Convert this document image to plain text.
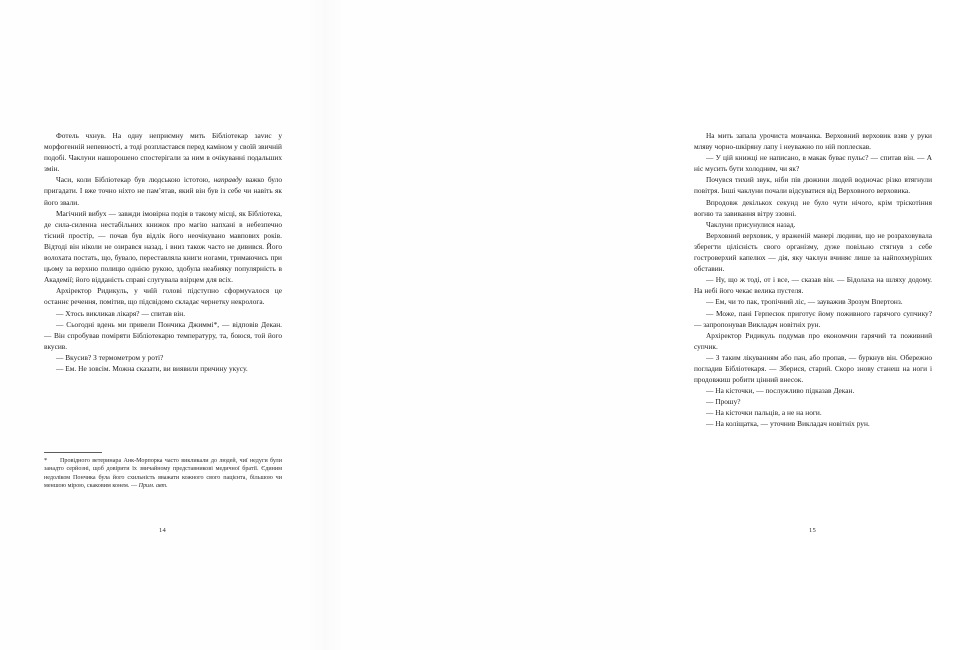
Фотель чхнув. На одну неприємну мить Бібліотекар заvис у морфогенній непевності, а тоді розпластався перед каміном у своїй звичній подобі. Чаклуни нашорошено спостерігали за ним в очікуванні подальших змін.

Часи, коли Бібліотекар був людською істотою, направду важко було пригадати. І вже точно ніхто не пам’ятав, який він був із себе чи навіть як його звали.

Магічний вибух — завжди імовірна подія в такому місці, як Бібліотека, де сила-силенна нестабільних книжок про магію напхані в небезпечно тісний простір, — почав був відлік його неочікувано мавпових років. Відтоді він ніколи не озирався назад, і вниз також часто не дивився. Його волохата постать, що, бувало, переставляла книги ногами, тримаючись при цьому за верхню полицю однією рукою, здобула неабияку популярність в Академії; його відданість справі слугувала взірцем для всіх.

Архіректор Ридикуль, у чиїй голові підступно сформуvалося це останнє речення, помітив, що підсвідомо складає чернетку некролога.

— Хтось викликав лікаря? — спитав він.

— Сьогодні вдень ми привели Пончика Джиммі*, — відповів Декан. — Він спробував поміряти Бібліотекарю температуру, та, боюся, той його вкусив.

— Вкусив? З термометром у роті?

— Ем. Не зовсім. Можна сказати, ви виявили причину укусу.

* Провідного ветеринара Анк-Морпорка часто викликали до людей, чиї недуги були занадто серйозні, щоб довірити їх звичайному представникові медичної братії. Єдиним недоліком Пончика була його схильність вважати кожного свого пацієнта, більшою чи меншою мірою, скаковим конем. — Прим. авт.

14

На мить запала урочиста мовчанка. Верховний верховик взяв у руки мляву чорно-шкіряну лапу і неуважно по ній поплескав.

— У цій книжці не написано, в макак буває пульс? — спитав він. — А ніс мусить бути холодним, чи як?

Почувся тихий звук, ніби пів дюжини людей водночас різко втягнули повітря. Інші чаклуни почали відсуватися від Верховного верховика.

Впродовж декількох секунд не було чути нічого, крім тріскотіння вогню та завивання вітру ззовні.

Чаклуни присунулися назад.

Верховний верховик, у враженій манері людини, що не розраховувала зберегти цілісність свого організму, дуже повільно стягнув з себе гостроверхий капелюх — дія, яку чаклун вчиняє лише за найпохмуріших обставин.

— Ну, що ж тоді, от і все, — сказав він. — Бідолаха на шляху додому. На небі його чекає велика пустеля.

— Ем, чи то пак, тропічний ліс, — зауважив Зрозум Впертонз.

— Може, пані Герпесюк приготує йому поживного гарячого супчику? — запропонував Викладач новітніх рун.

Архіректор Ридикуль подумав про економчин гарячий та поживний супчик.

— З таким лікуванням або пан, або пропав, — буркнув він. Обережно погладив Бібліотекаря. — Зберися, старий. Скоро знову станеш на ноги і продовжиш робити цінний внесок.

— На кісточки, — послужливо підказав Декан.

— Прошу?

— На кісточки пальців, а не на ноги.

— На коліщатка, — уточнив Викладач новітніх рун.

15
